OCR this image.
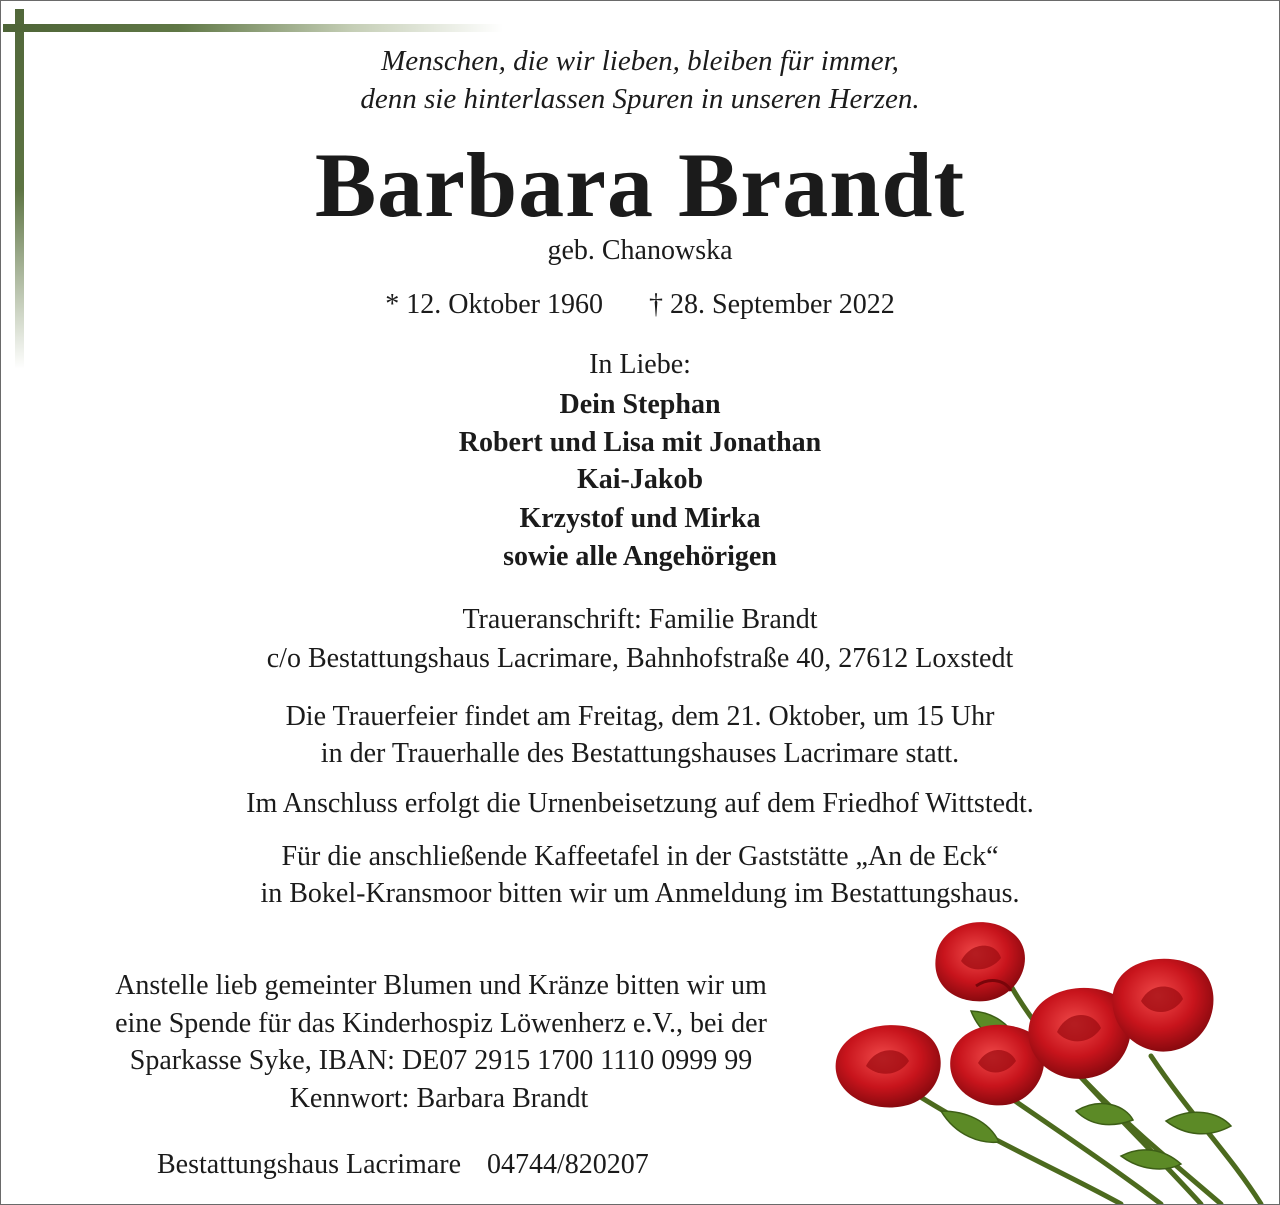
Menschen, die wir lieben, bleiben für immer,
denn sie hinterlassen Spuren in unseren Herzen.
Barbara Brandt
geb. Chanowska
* 12. Oktober 1960 † 28. September 2022
In Liebe:
Dein Stephan
Robert und Lisa mit Jonathan
Kai-Jakob
Krzystof und Mirka
sowie alle Angehörigen
Traueranschrift: Familie Brandt
c/o Bestattungshaus Lacrimare, Bahnhofstraße 40, 27612 Loxstedt
Die Trauerfeier findet am Freitag, dem 21. Oktober, um 15 Uhr
in der Trauerhalle des Bestattungshauses Lacrimare statt.
Im Anschluss erfolgt die Urnenbeisetzung auf dem Friedhof Wittstedt.
Für die anschließende Kaffeetafel in der Gaststätte „An de Eck“
in Bokel-Kransmoor bitten wir um Anmeldung im Bestattungshaus.
Anstelle lieb gemeinter Blumen und Kränze bitten wir um
eine Spende für das Kinderhospiz Löwenherz e.V., bei der
Sparkasse Syke, IBAN: DE07 2915 1700 1110 0999 99
Kennwort: Barbara Brandt
Bestattungshaus Lacrimare 04744/820207
